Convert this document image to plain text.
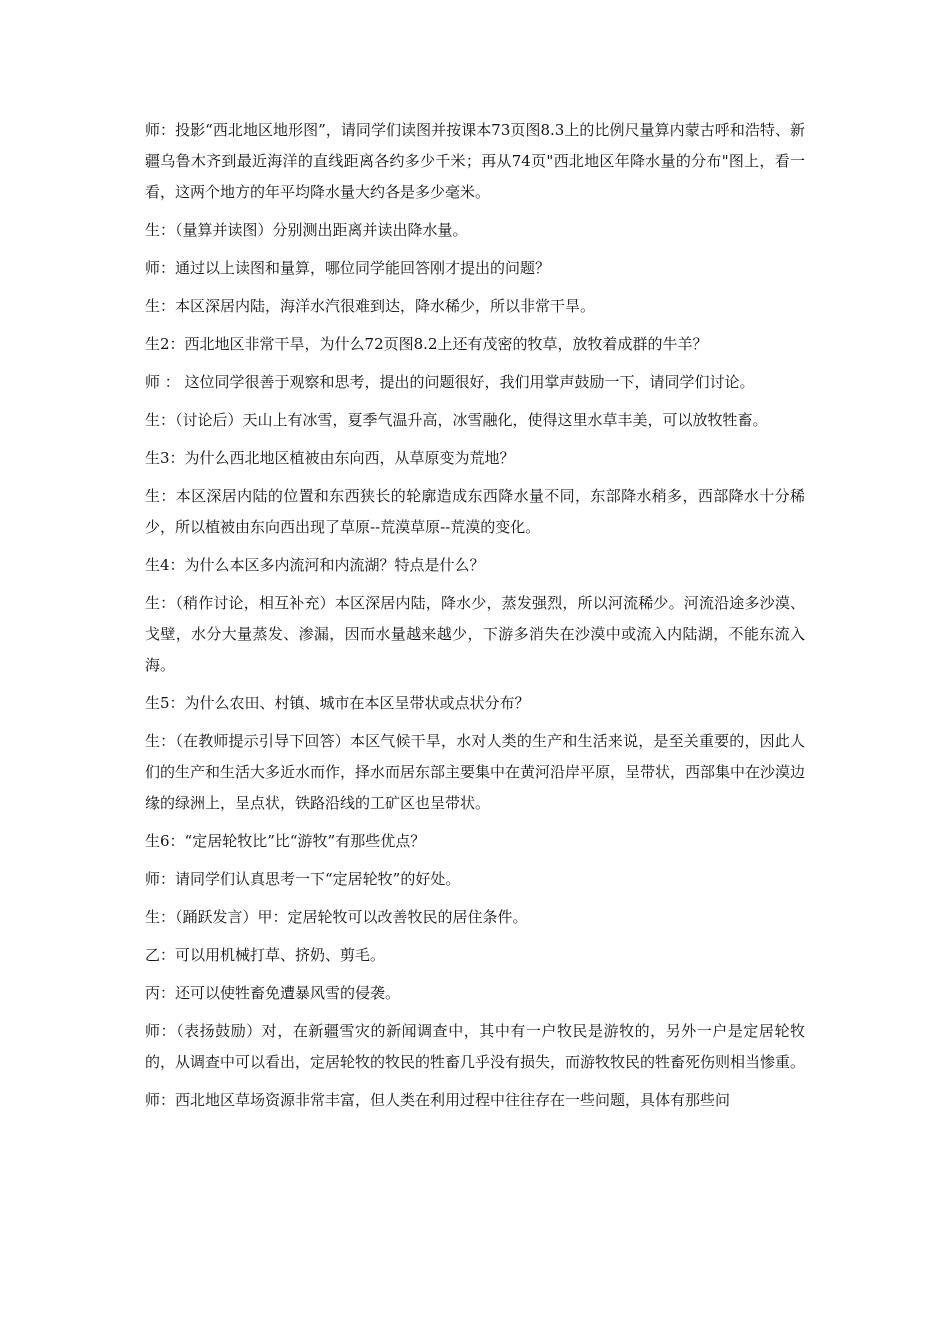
师：投影“西北地区地形图”，请同学们读图并按课本73页图8.3上的比例尺量算内蒙古呼和浩特、新疆乌鲁木齐到最近海洋的直线距离各约多少千米；再从74页"西北地区年降水量的分布"图上，看一看，这两个地方的年平均降水量大约各是多少毫米。

生：（量算并读图）分别测出距离并读出降水量。

师：通过以上读图和量算，哪位同学能回答刚才提出的问题？

生：本区深居内陆，海洋水汽很难到达，降水稀少，所以非常干旱。

生2：西北地区非常干旱，为什么72页图8.2上还有茂密的牧草，放牧着成群的牛羊？

师 ： 这位同学很善于观察和思考，提出的问题很好，我们用掌声鼓励一下，请同学们讨论。

生：（讨论后）天山上有冰雪，夏季气温升高，冰雪融化，使得这里水草丰美，可以放牧牲畜。

生3：为什么西北地区植被由东向西，从草原变为荒地？

生：本区深居内陆的位置和东西狭长的轮廓造成东西降水量不同，东部降水稍多，西部降水十分稀少，所以植被由东向西出现了草原--荒漠草原--荒漠的变化。

生4：为什么本区多内流河和内流湖？特点是什么？

生：（稍作讨论，相互补充）本区深居内陆，降水少，蒸发强烈，所以河流稀少。河流沿途多沙漠、戈壁，水分大量蒸发、渗漏，因而水量越来越少，下游多消失在沙漠中或流入内陆湖，不能东流入海。

生5：为什么农田、村镇、城市在本区呈带状或点状分布？

生：（在教师提示引导下回答）本区气候干旱，水对人类的生产和生活来说，是至关重要的，因此人们的生产和生活大多近水而作，择水而居东部主要集中在黄河沿岸平原，呈带状，西部集中在沙漠边缘的绿洲上，呈点状，铁路沿线的工矿区也呈带状。

生6：“定居轮牧比”比“游牧”有那些优点？

师：请同学们认真思考一下“定居轮牧”的好处。

生：（踊跃发言）甲：定居轮牧可以改善牧民的居住条件。

乙：可以用机械打草、挤奶、剪毛。

丙：还可以使牲畜免遭暴风雪的侵袭。

师：（表扬鼓励）对，在新疆雪灾的新闻调查中，其中有一户牧民是游牧的，另外一户是定居轮牧的，从调查中可以看出，定居轮牧的牧民的牲畜几乎没有损失，而游牧牧民的牲畜死伤则相当惨重。

师：西北地区草场资源非常丰富，但人类在利用过程中往往存在一些问题，具体有那些问
